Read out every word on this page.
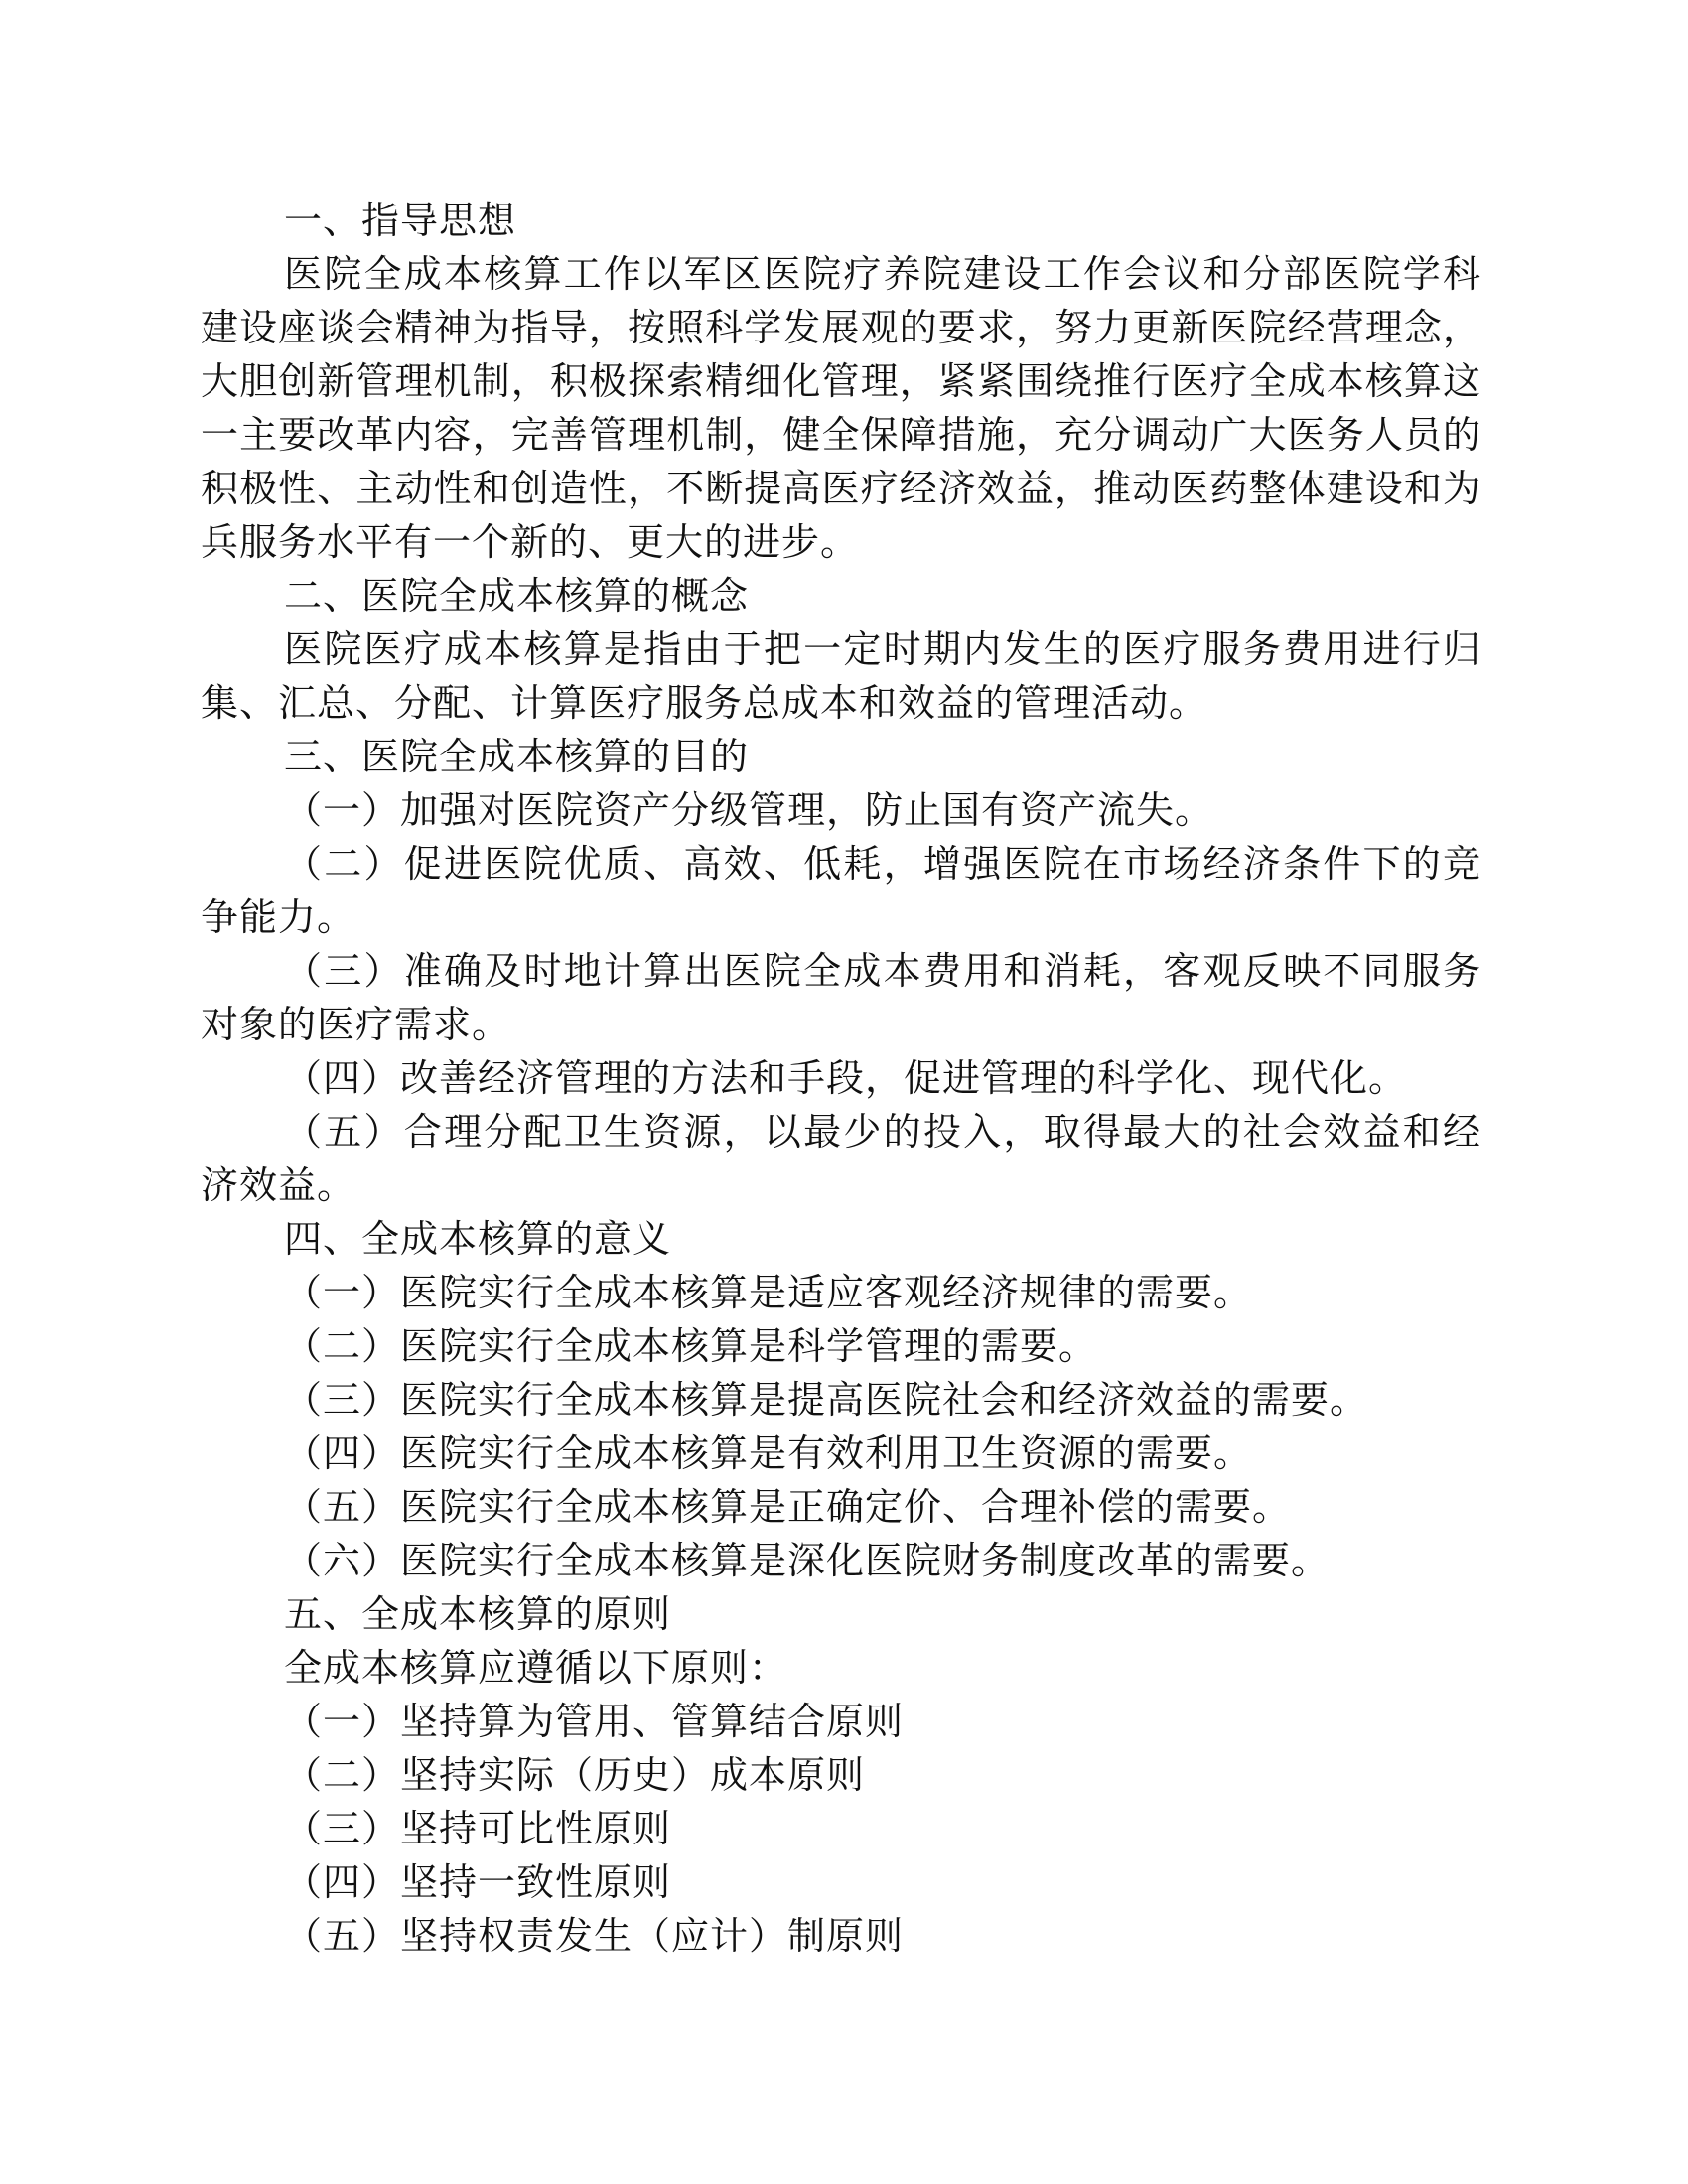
一、指导思想

医院全成本核算工作以军区医院疗养院建设工作会议和分部医院学科建设座谈会精神为指导，按照科学发展观的要求，努力更新医院经营理念，大胆创新管理机制，积极探索精细化管理，紧紧围绕推行医疗全成本核算这一主要改革内容，完善管理机制，健全保障措施，充分调动广大医务人员的积极性、主动性和创造性，不断提高医疗经济效益，推动医药整体建设和为兵服务水平有一个新的、更大的进步。

二、医院全成本核算的概念

医院医疗成本核算是指由于把一定时期内发生的医疗服务费用进行归集、汇总、分配、计算医疗服务总成本和效益的管理活动。

三、医院全成本核算的目的

（一）加强对医院资产分级管理，防止国有资产流失。

（二）促进医院优质、高效、低耗，增强医院在市场经济条件下的竞争能力。

（三）准确及时地计算出医院全成本费用和消耗，客观反映不同服务对象的医疗需求。

（四）改善经济管理的方法和手段，促进管理的科学化、现代化。

（五）合理分配卫生资源，以最少的投入，取得最大的社会效益和经济效益。

四、全成本核算的意义

（一）医院实行全成本核算是适应客观经济规律的需要。

（二）医院实行全成本核算是科学管理的需要。

（三）医院实行全成本核算是提高医院社会和经济效益的需要。

（四）医院实行全成本核算是有效利用卫生资源的需要。

（五）医院实行全成本核算是正确定价、合理补偿的需要。

（六）医院实行全成本核算是深化医院财务制度改革的需要。

五、全成本核算的原则

全成本核算应遵循以下原则：

（一）坚持算为管用、管算结合原则

（二）坚持实际（历史）成本原则

（三）坚持可比性原则

（四）坚持一致性原则

（五）坚持权责发生（应计）制原则
